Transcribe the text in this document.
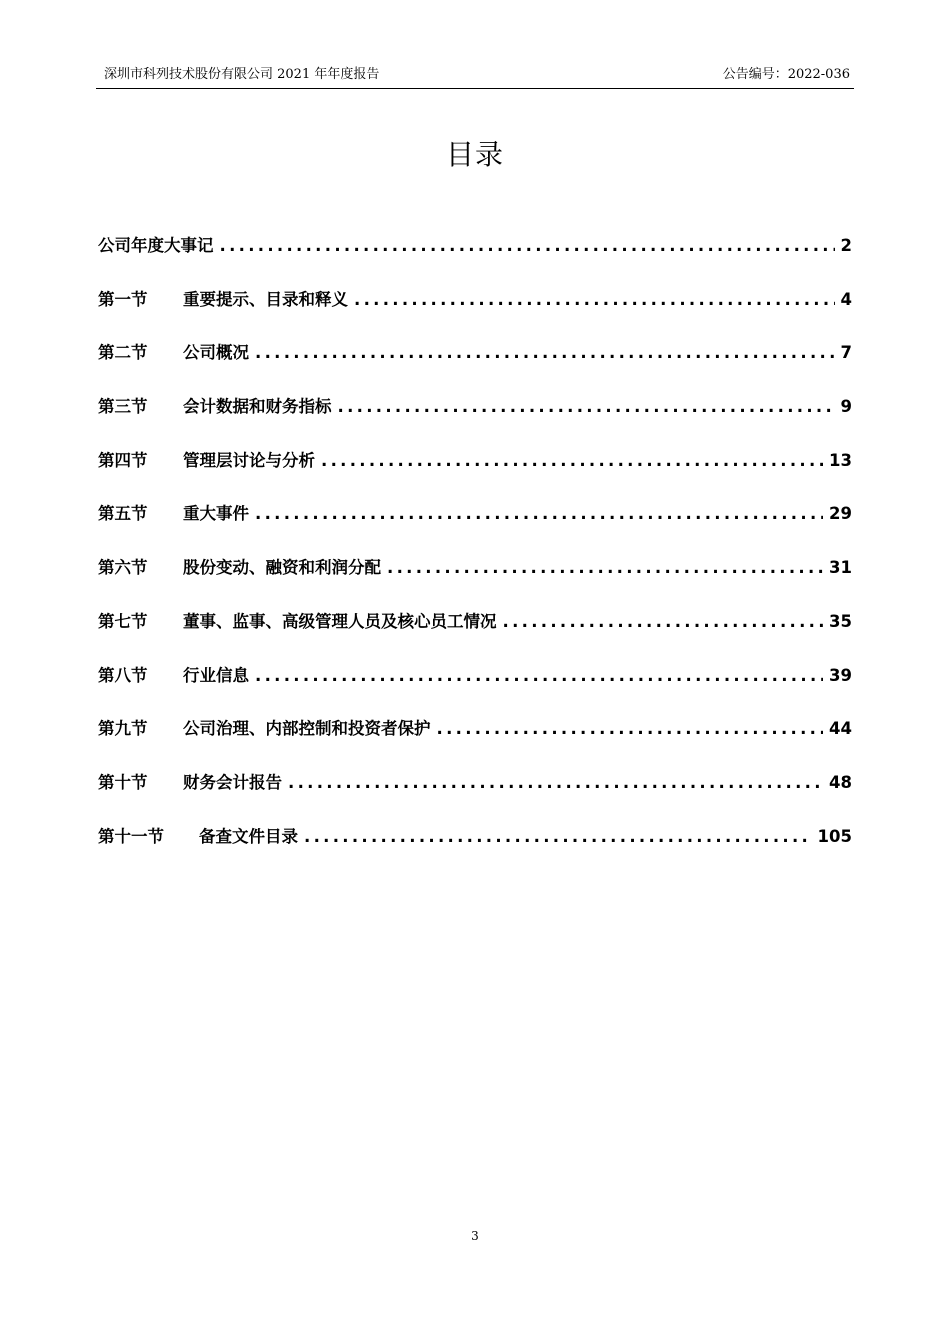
深圳市科列技术股份有限公司 2021 年年度报告	公告编号：2022-036
目录
公司年度大事记 .....	2
第一节	重要提示、目录和释义 .....	4
第二节	公司概况 .....	7
第三节	会计数据和财务指标 .....	9
第四节	管理层讨论与分析 .....	13
第五节	重大事件 .....	29
第六节	股份变动、融资和利润分配 .....	31
第七节	董事、监事、高级管理人员及核心员工情况 .....	35
第八节	行业信息 .....	39
第九节	公司治理、内部控制和投资者保护 .....	44
第十节	财务会计报告 .....	48
第十一节	备查文件目录 .....	105
3
